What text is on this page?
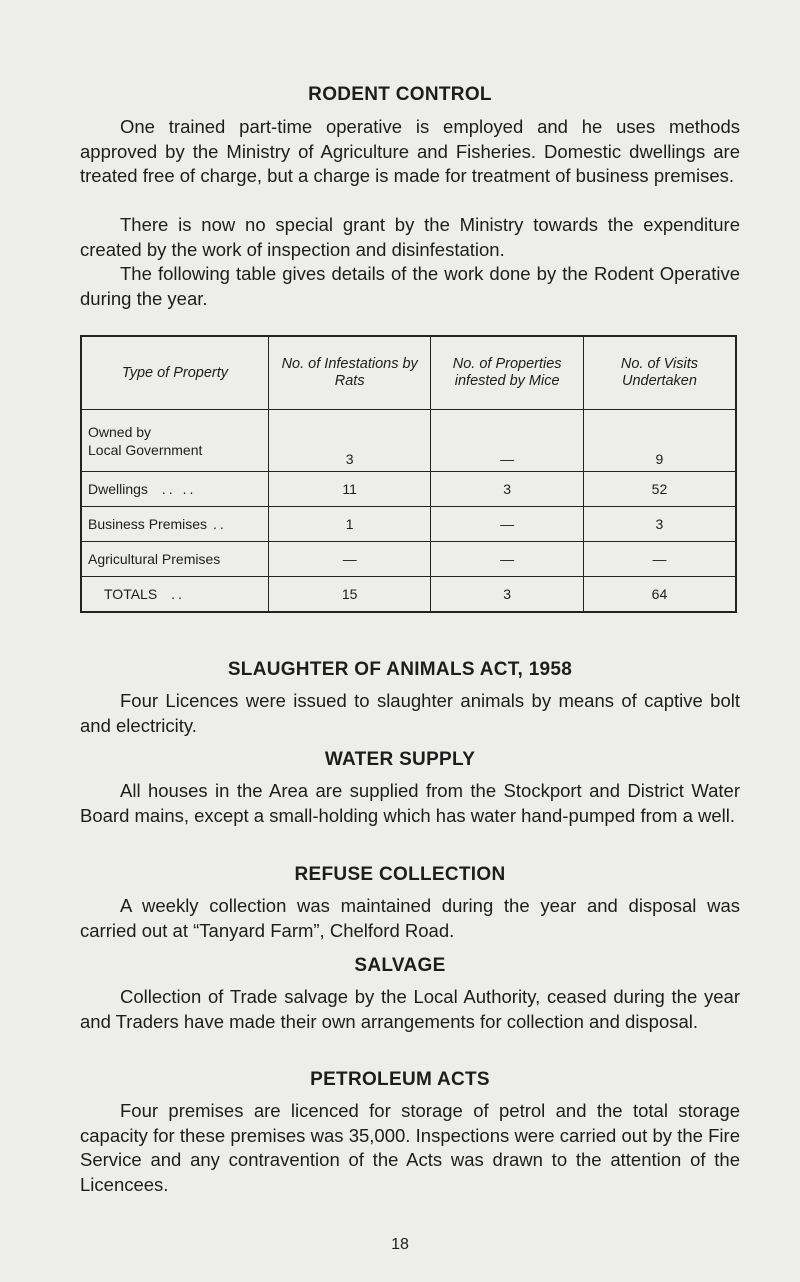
RODENT CONTROL
One trained part-time operative is employed and he uses methods approved by the Ministry of Agriculture and Fisheries. Domestic dwellings are treated free of charge, but a charge is made for treatment of business premises.
There is now no special grant by the Ministry towards the expenditure created by the work of inspection and disinfestation.
The following table gives details of the work done by the Rodent Operative during the year.
Type of Property	No. of Infestations by Rats	No. of Properties infested by Mice	No. of Visits Undertaken

Owned by
Local Government	3	—	9
Dwellings .. ..	11	3	52
Business Premises ..	1	—	3
Agricultural Premises	—	—	—
TOTALS ..	15	3	64
SLAUGHTER OF ANIMALS ACT, 1958
Four Licences were issued to slaughter animals by means of captive bolt and electricity.
WATER SUPPLY
All houses in the Area are supplied from the Stockport and District Water Board mains, except a small-holding which has water hand-pumped from a well.
REFUSE COLLECTION
A weekly collection was maintained during the year and disposal was carried out at “Tanyard Farm”, Chelford Road.
SALVAGE
Collection of Trade salvage by the Local Authority, ceased during the year and Traders have made their own arrangements for collection and disposal.
PETROLEUM ACTS
Four premises are licenced for storage of petrol and the total storage capacity for these premises was 35,000. Inspections were carried out by the Fire Service and any contravention of the Acts was drawn to the attention of the Licencees.
18
